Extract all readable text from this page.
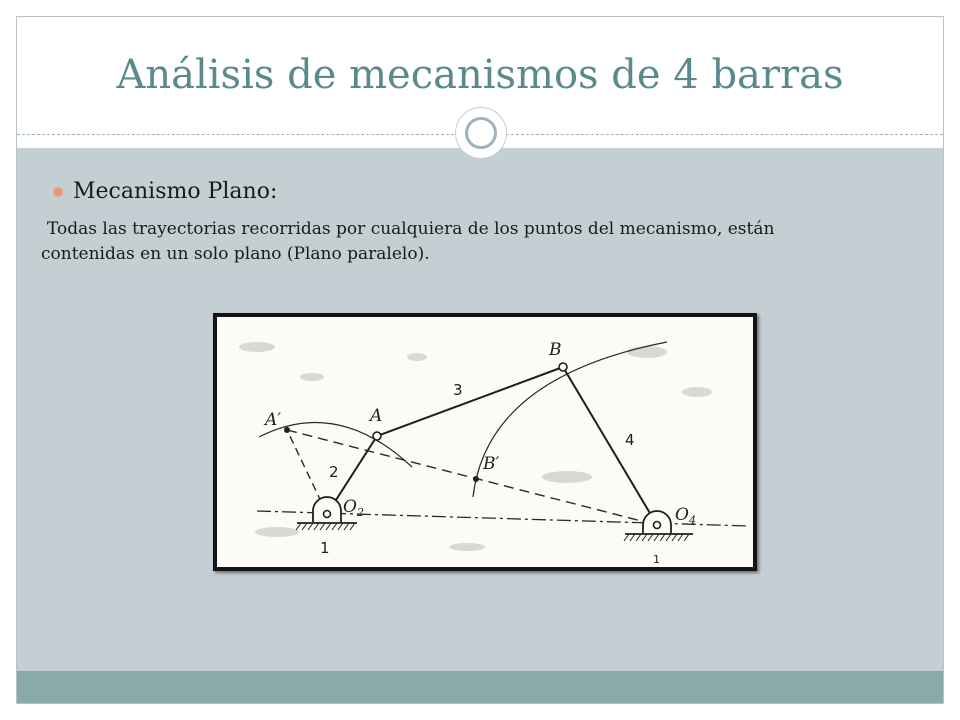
Análisis de mecanismos de 4 barras
Mecanismo Plano:
Todas las trayectorias recorridas por cualquiera de los puntos del mecanismo, están contenidas en un solo plano (Plano paralelo).
A′	A
B
B′
2
3
4
1
1
$O_2$	$O_4$
